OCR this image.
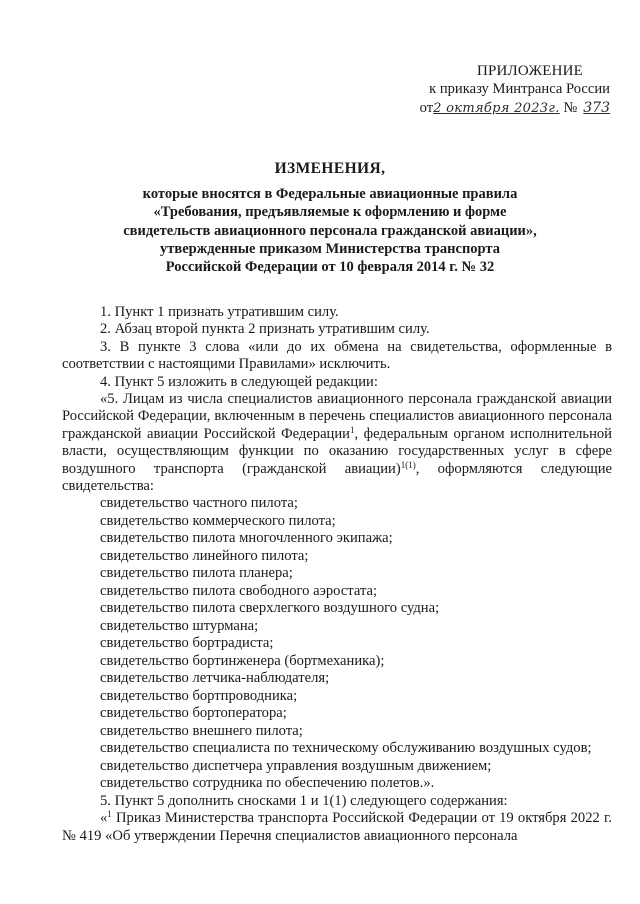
ПРИЛОЖЕНИЕ
к приказу Минтранса России
от2 октября 2023г. № 373
ИЗМЕНЕНИЯ,
которые вносятся в Федеральные авиационные правила
«Требования, предъявляемые к оформлению и форме
свидетельств авиационного персонала гражданской авиации»,
утвержденные приказом Министерства транспорта
Российской Федерации от 10 февраля 2014 г. № 32

1. Пункт 1 признать утратившим силу.

2. Абзац второй пункта 2 признать утратившим силу.

3. В пункте 3 слова «или до их обмена на свидетельства, оформленные в соответствии с настоящими Правилами» исключить.

4. Пункт 5 изложить в следующей редакции:

«5. Лицам из числа специалистов авиационного персонала гражданской авиации Российской Федерации, включенным в перечень специалистов авиационного персонала гражданской авиации Российской Федерации$^1$, федеральным органом исполнительной власти, осуществляющим функции по оказанию государственных услуг в сфере воздушного транспорта (гражданской авиации)$^{1(1)}$, оформляются следующие свидетельства:

свидетельство частного пилота;

свидетельство коммерческого пилота;

свидетельство пилота многочленного экипажа;

свидетельство линейного пилота;

свидетельство пилота планера;

свидетельство пилота свободного аэростата;

свидетельство пилота сверхлегкого воздушного судна;

свидетельство штурмана;

свидетельство бортрадиста;

свидетельство бортинженера (бортмеханика);

свидетельство летчика-наблюдателя;

свидетельство бортпроводника;

свидетельство бортоператора;

свидетельство внешнего пилота;

свидетельство специалиста по техническому обслуживанию воздушных судов;

свидетельство диспетчера управления воздушным движением;

свидетельство сотрудника по обеспечению полетов.».

5. Пункт 5 дополнить сносками 1 и 1(1) следующего содержания:

«$^1$ Приказ Министерства транспорта Российской Федерации от 19 октября 2022 г. № 419 «Об утверждении Перечня специалистов авиационного персонала
